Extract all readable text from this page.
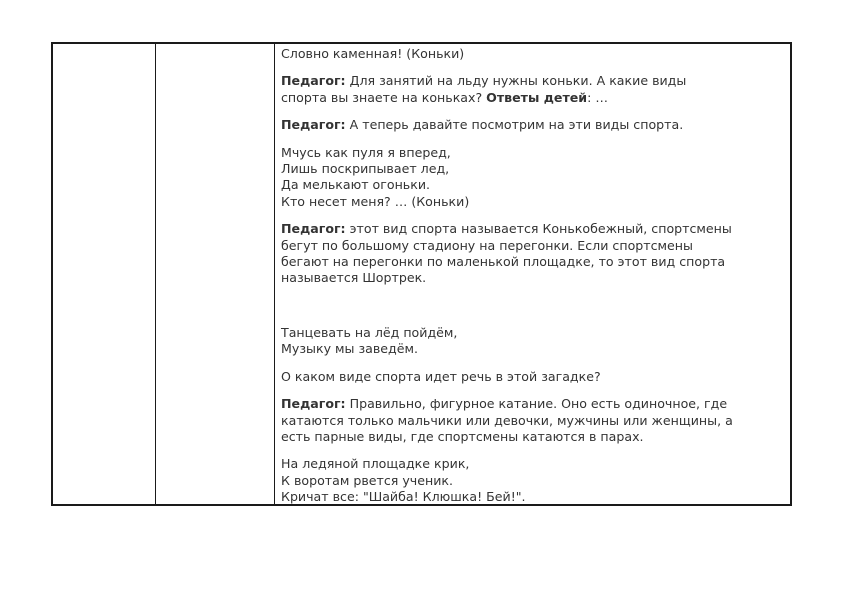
Словно каменная! (Коньки)

Педагог: Для занятий на льду нужны коньки. А какие виды
спорта вы знаете на коньках? Ответы детей: …

Педагог: А теперь давайте посмотрим на эти виды спорта.

Мчусь как пуля я вперед,
Лишь поскрипывает лед,
Да мелькают огоньки.
Кто несет меня? … (Коньки)

Педагог: этот вид спорта называется Конькобежный, спортсмены
бегут по большому стадиону на перегонки. Если спортсмены
бегают на перегонки по маленькой площадке, то этот вид спорта
называется Шортрек.

Танцевать на лёд пойдём,
Музыку мы заведём.

О каком виде спорта идет речь в этой загадке?

Педагог: Правильно, фигурное катание. Оно есть одиночное, где
катаются только мальчики или девочки, мужчины или женщины, а
есть парные виды, где спортсмены катаются в парах.

На ледяной площадке крик,
К воротам рвется ученик.
Кричат все: "Шайба! Клюшка! Бей!".
